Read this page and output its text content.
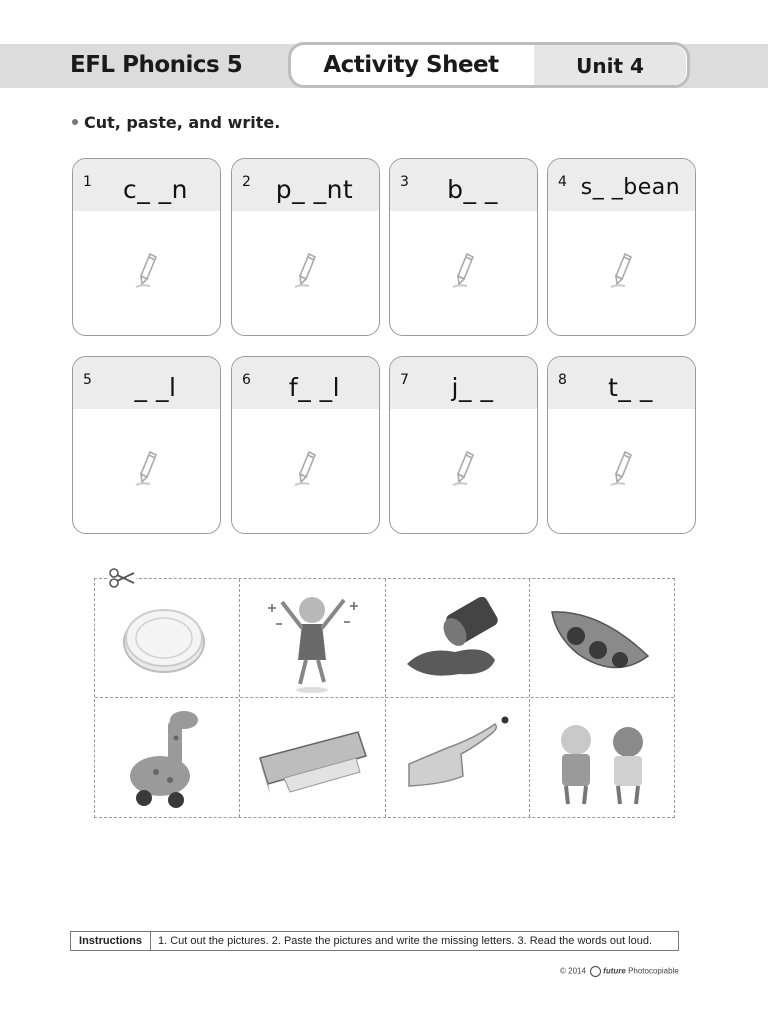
EFL Phonics 5	Activity Sheet	Unit 4
Cut, paste, and write.
1	c_ _n	2 p_ _nt	3	b_ _	4 s_ _bean
5	_ _l	6	f_ _l	7	j_ _	8	t_ _
Instructions	1. Cut out the pictures. 2. Paste the pictures and write the missing letters. 3. Read the words out loud.
© 2014 future Photocopiable
